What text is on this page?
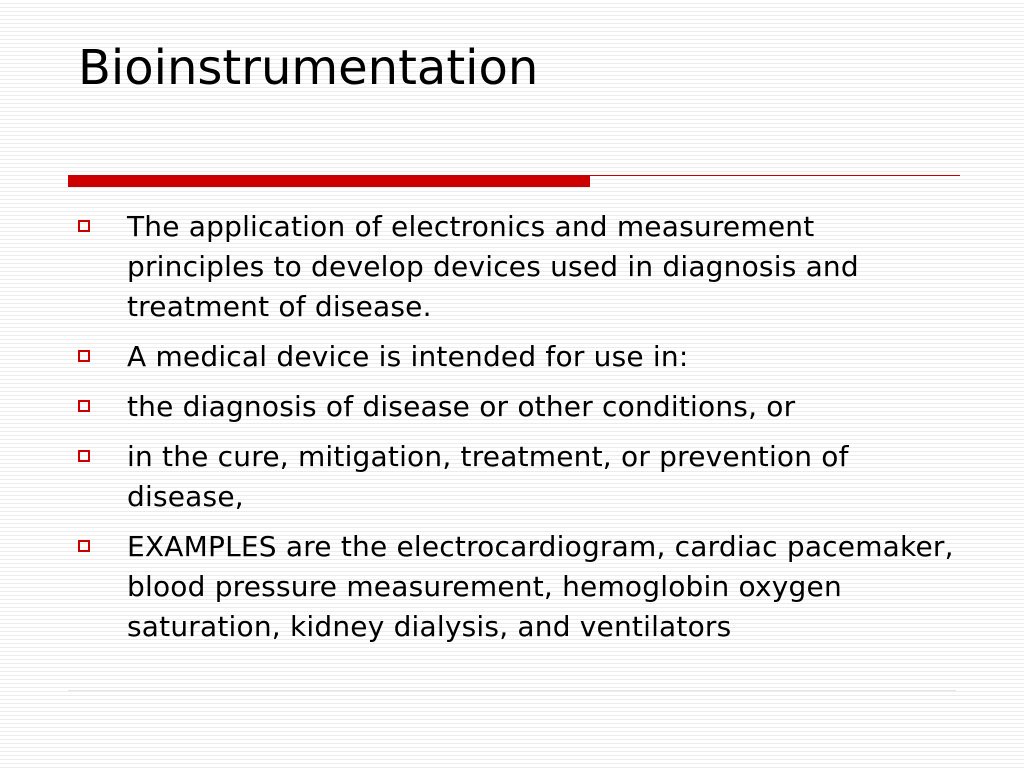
Bioinstrumentation
The application of electronics and measurement principles to develop devices used in diagnosis and treatment of disease.
A medical device is intended for use in:
the diagnosis of disease or other conditions, or
in the cure, mitigation, treatment, or prevention of disease,
EXAMPLES are the electrocardiogram, cardiac pacemaker, blood pressure measurement, hemoglobin oxygen saturation, kidney dialysis, and ventilators
